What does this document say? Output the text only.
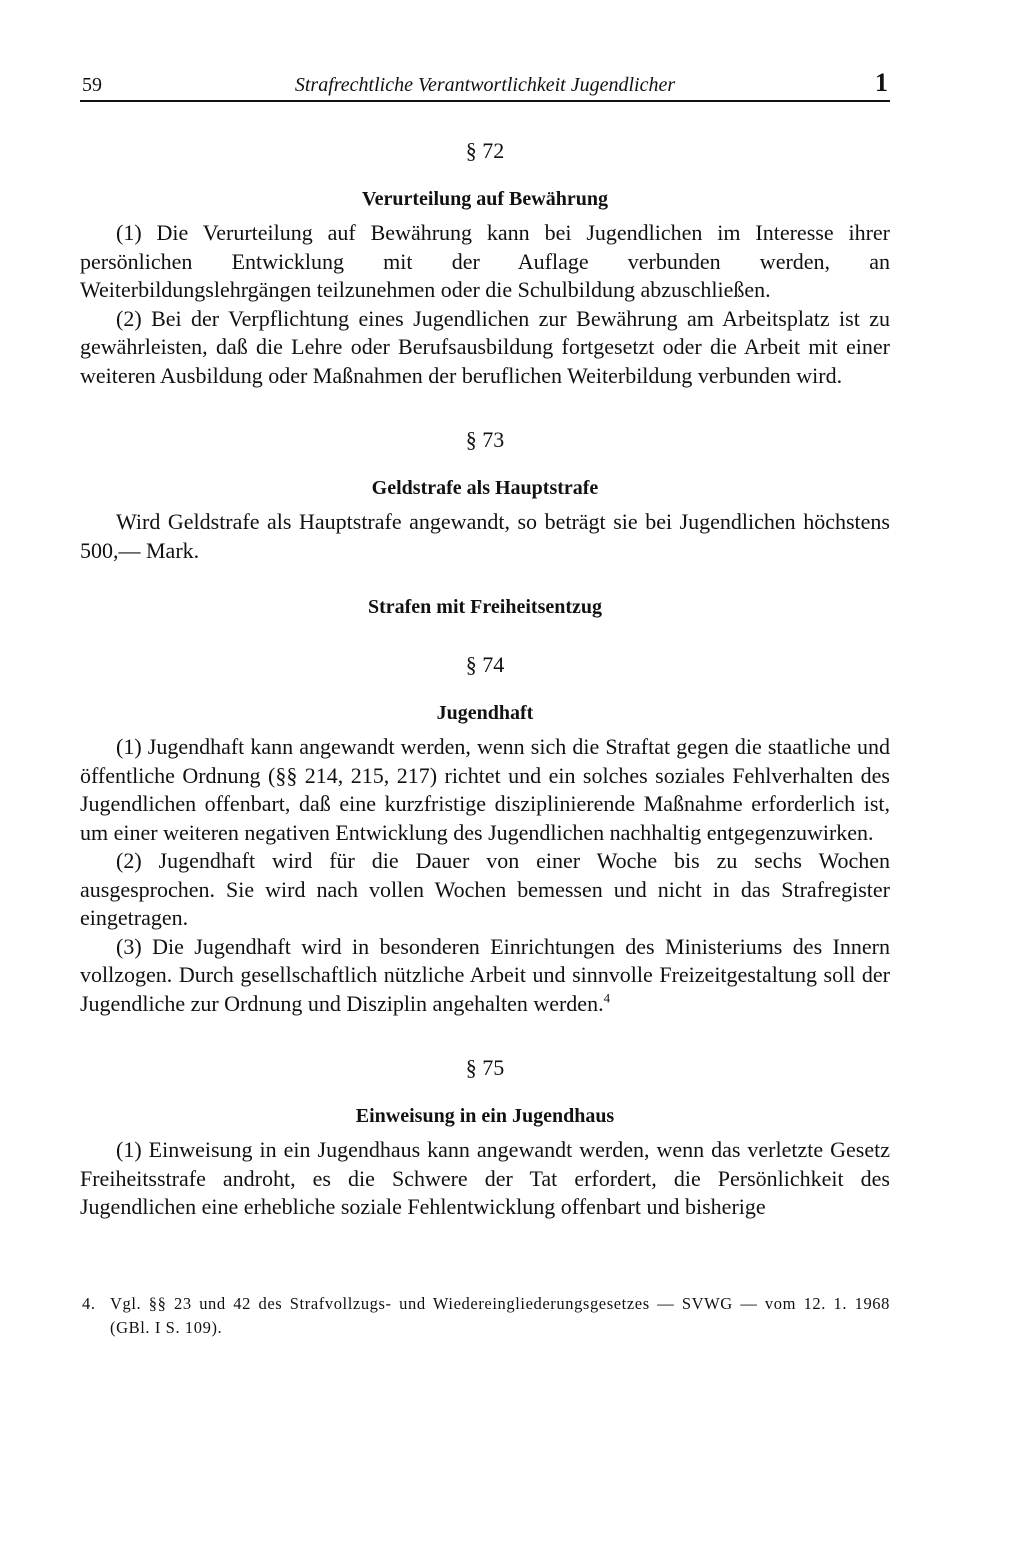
59	Strafrechtliche Verantwortlichkeit Jugendlicher	1
§ 72
Verurteilung auf Bewährung

(1) Die Verurteilung auf Bewährung kann bei Jugendlichen im Interesse ihrer persönlichen Entwicklung mit der Auflage verbunden werden, an Weiterbildungslehrgängen teilzunehmen oder die Schulbildung abzuschließen.

(2) Bei der Verpflichtung eines Jugendlichen zur Bewährung am Arbeitsplatz ist zu gewährleisten, daß die Lehre oder Berufsausbildung fortgesetzt oder die Arbeit mit einer weiteren Ausbildung oder Maßnahmen der beruflichen Weiterbildung verbunden wird.

§ 73
Geldstrafe als Hauptstrafe

Wird Geldstrafe als Hauptstrafe angewandt, so beträgt sie bei Jugendlichen höchstens 500,— Mark.

Strafen mit Freiheitsentzug
§ 74
Jugendhaft

(1) Jugendhaft kann angewandt werden, wenn sich die Straftat gegen die staatliche und öffentliche Ordnung (§§ 214, 215, 217) richtet und ein solches soziales Fehlverhalten des Jugendlichen offenbart, daß eine kurzfristige disziplinierende Maßnahme erforderlich ist, um einer weiteren negativen Entwicklung des Jugendlichen nachhaltig entgegenzuwirken.

(2) Jugendhaft wird für die Dauer von einer Woche bis zu sechs Wochen ausgesprochen. Sie wird nach vollen Wochen bemessen und nicht in das Strafregister eingetragen.

(3) Die Jugendhaft wird in besonderen Einrichtungen des Ministeriums des Innern vollzogen. Durch gesellschaftlich nützliche Arbeit und sinnvolle Freizeitgestaltung soll der Jugendliche zur Ordnung und Disziplin angehalten werden.$^4$

§ 75
Einweisung in ein Jugendhaus

(1) Einweisung in ein Jugendhaus kann angewandt werden, wenn das verletzte Gesetz Freiheitsstrafe androht, es die Schwere der Tat erfordert, die Persönlichkeit des Jugendlichen eine erhebliche soziale Fehlentwicklung offenbart und bisherige

4. Vgl. §§ 23 und 42 des Strafvollzugs- und Wiedereingliederungsgesetzes — SVWG — vom 12. 1. 1968 (GBl. I S. 109).
